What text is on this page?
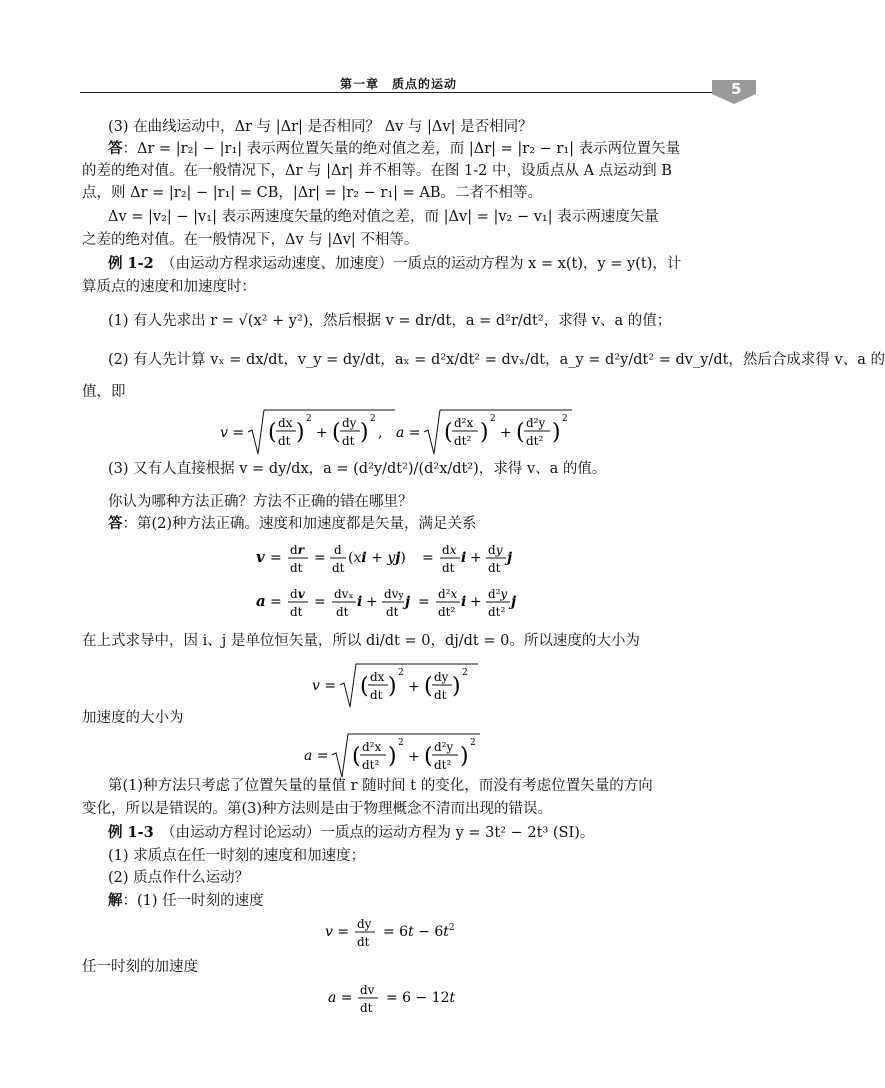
第一章　质点的运动	5
(3) 在曲线运动中，Δr 与 |Δr| 是否相同？ Δv 与 |Δv| 是否相同？
答：Δr = |r₂| − |r₁| 表示两位置矢量的绝对值之差，而 |Δr| = |r₂ − r₁| 表示两位置矢量
的差的绝对值。在一般情况下，Δr 与 |Δr| 并不相等。在图 1-2 中，设质点从 A 点运动到 B
点，则 Δr = |r₂| − |r₁| = CB，|Δr| = |r₂ − r₁| = AB。二者不相等。
Δv = |v₂| − |v₁| 表示两速度矢量的绝对值之差，而 |Δv| = |v₂ − v₁| 表示两速度矢量
之差的绝对值。在一般情况下，Δv 与 |Δv| 不相等。
例 1-2　 （由运动方程求运动速度、加速度）一质点的运动方程为 x = x(t)，y = y(t)，计
算质点的速度和加速度时：
(1) 有人先求出 r = √(x² + y²)，然后根据 v = dr/dt，a = d²r/dt²，求得 v、a 的值；
(2) 有人先计算 vₓ = dx/dt，v_y = dy/dt，aₓ = d²x/dt² = dvₓ/dt，a_y = d²y/dt² = dv_y/dt，然后合成求得 v、a 的
值，即
v = ( dx
dt )
2
+ ( dy
dt )
2
, a = ( d²x
dt² )
2
+ ( d²y
dt² )
2
(3) 又有人直接根据 v = dy/dx，a = (d²y/dt²)/(d²x/dt²)，求得 v、a 的值。
你认为哪种方法正确？方法不正确的错在哪里？
答：第(2)种方法正确。速度和加速度都是矢量，满足关系
v = dr
dt
= d
dt
(xi + yj) = dx
dt
i + dy
dt
j
a = dv
dt
= dvₓ
dt
i + dvy
dt
j = d²x
dt²
i + d²y
dt²
j
在上式求导中，因 i、j 是单位恒矢量，所以 di/dt = 0，dj/dt = 0。所以速度的大小为
v = ( dx
dt )
2
+ ( dy
dt )
2
加速度的大小为
a = ( d²x
dt² )
2
+ ( d²y
dt² )
2
第(1)种方法只考虑了位置矢量的量值 r 随时间 t 的变化，而没有考虑位置矢量的方向
变化，所以是错误的。第(3)种方法则是由于物理概念不清而出现的错误。
例 1-3　 （由运动方程讨论运动）一质点的运动方程为 y = 3t² − 2t³ (SI)。
(1) 求质点在任一时刻的速度和加速度；
(2) 质点作什么运动？
解：(1) 任一时刻的速度
v = dy
dt
= $6t - 6t^2$
任一时刻的加速度
a = dv
dt
= 6 − 12t
